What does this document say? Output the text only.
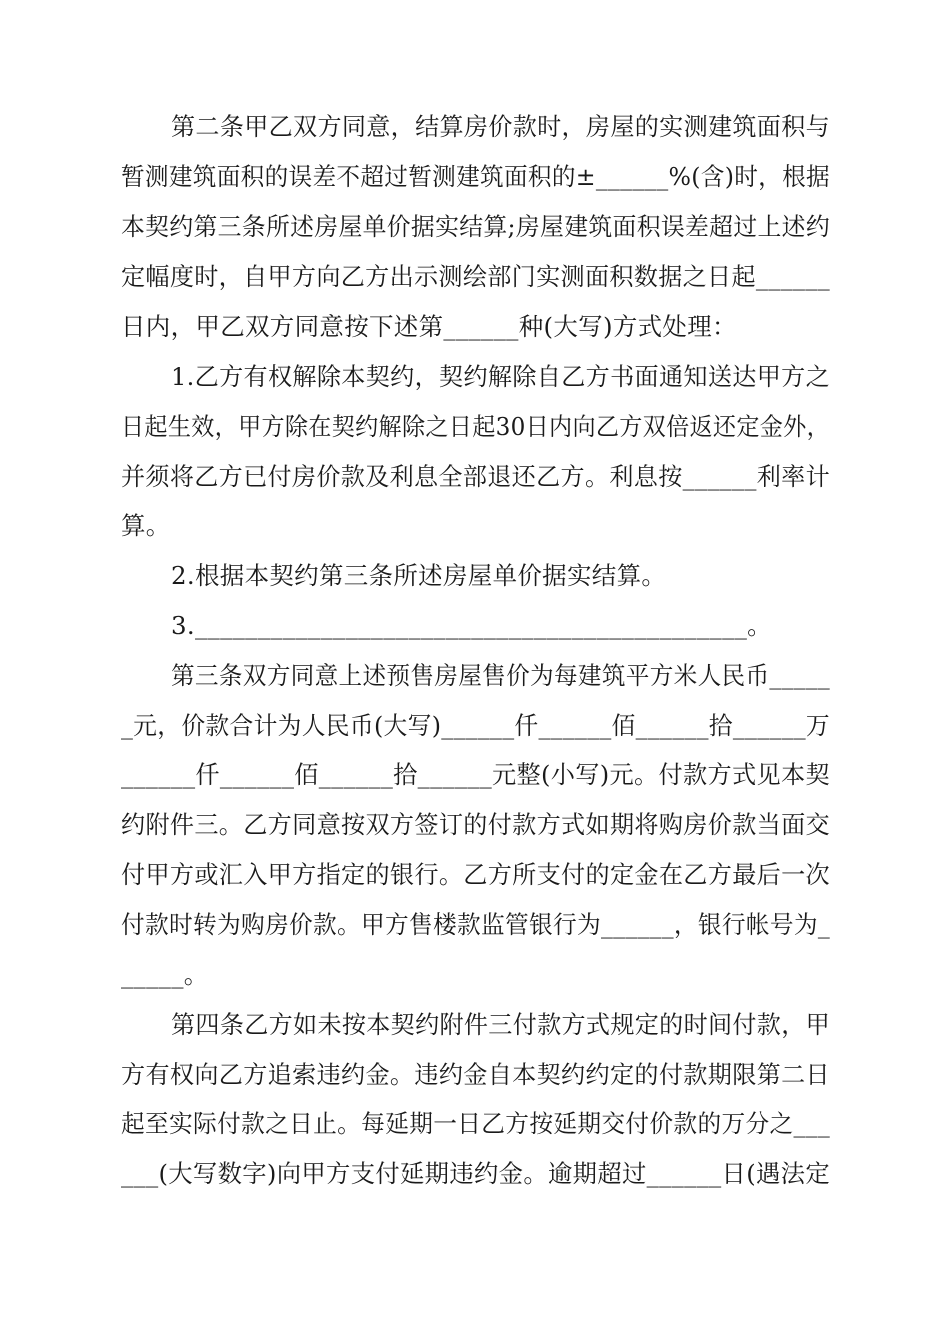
第二条甲乙双方同意，结算房价款时，房屋的实测建筑面积与
暂测建筑面积的误差不超过暂测建筑面积的±______%(含)时，根据
本契约第三条所述房屋单价据实结算;房屋建筑面积误差超过上述约
定幅度时，自甲方向乙方出示测绘部门实测面积数据之日起______
日内，甲乙双方同意按下述第______种(大写)方式处理：
1.乙方有权解除本契约，契约解除自乙方书面通知送达甲方之
日起生效，甲方除在契约解除之日起30日内向乙方双倍返还定金外，
并须将乙方已付房价款及利息全部退还乙方。利息按______利率计
算。
2.根据本契约第三条所述房屋单价据实结算。
3.____________________________________________。
第三条双方同意上述预售房屋售价为每建筑平方米人民币_____
_元，价款合计为人民币(大写)______仟______佰______拾______万
______仟______佰______拾______元整(小写)元。付款方式见本契
约附件三。乙方同意按双方签订的付款方式如期将购房价款当面交
付甲方或汇入甲方指定的银行。乙方所支付的定金在乙方最后一次
付款时转为购房价款。甲方售楼款监管银行为______，银行帐号为_
_____。
第四条乙方如未按本契约附件三付款方式规定的时间付款，甲
方有权向乙方追索违约金。违约金自本契约约定的付款期限第二日
起至实际付款之日止。每延期一日乙方按延期交付价款的万分之___
___(大写数字)向甲方支付延期违约金。逾期超过______日(遇法定
